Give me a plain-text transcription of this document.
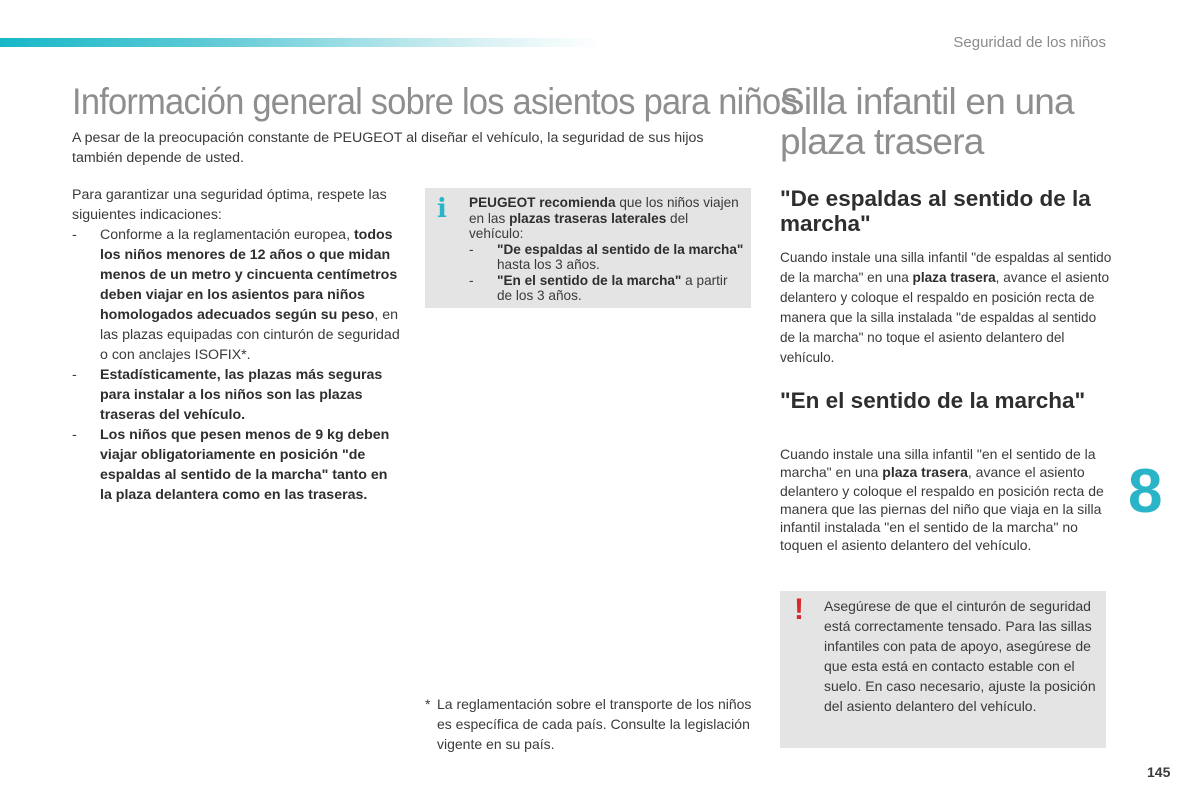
Seguridad de los niños
Información general sobre los asientos para niños

A pesar de la preocupación constante de PEUGEOT al diseñar el vehículo, la seguridad de sus hijos también depende de usted.

Para garantizar una seguridad óptima, respete las siguientes indicaciones:
- Conforme a la reglamentación europea, todos los niños menores de 12 años o que midan menos de un metro y cincuenta centímetros deben viajar en los asientos para niños homologados adecuados según su peso, en las plazas equipadas con cinturón de seguridad o con anclajes ISOFIX*.
- Estadísticamente, las plazas más seguras para instalar a los niños son las plazas traseras del vehículo.
- Los niños que pesen menos de 9 kg deben viajar obligatoriamente en posición "de espaldas al sentido de la marcha" tanto en la plaza delantera como en las traseras.
i PEUGEOT recomienda que los niños viajen en las plazas traseras laterales del vehículo:
- "De espaldas al sentido de la marcha" hasta los 3 años.
- "En el sentido de la marcha" a partir de los 3 años.
* La reglamentación sobre el transporte de los niños es específica de cada país. Consulte la legislación vigente en su país.
Silla infantil en una plaza trasera
"De espaldas al sentido de la marcha"

Cuando instale una silla infantil "de espaldas al sentido de la marcha" en una plaza trasera, avance el asiento delantero y coloque el respaldo en posición recta de manera que la silla instalada "de espaldas al sentido de la marcha" no toque el asiento delantero del vehículo.

"En el sentido de la marcha"

Cuando instale una silla infantil "en el sentido de la marcha" en una plaza trasera, avance el asiento delantero y coloque el respaldo en posición recta de manera que las piernas del niño que viaja en la silla infantil instalada "en el sentido de la marcha" no toquen el asiento delantero del vehículo.

8
! Asegúrese de que el cinturón de seguridad está correctamente tensado. Para las sillas infantiles con pata de apoyo, asegúrese de que esta está en contacto estable con el suelo. En caso necesario, ajuste la posición del asiento delantero del vehículo.

145
